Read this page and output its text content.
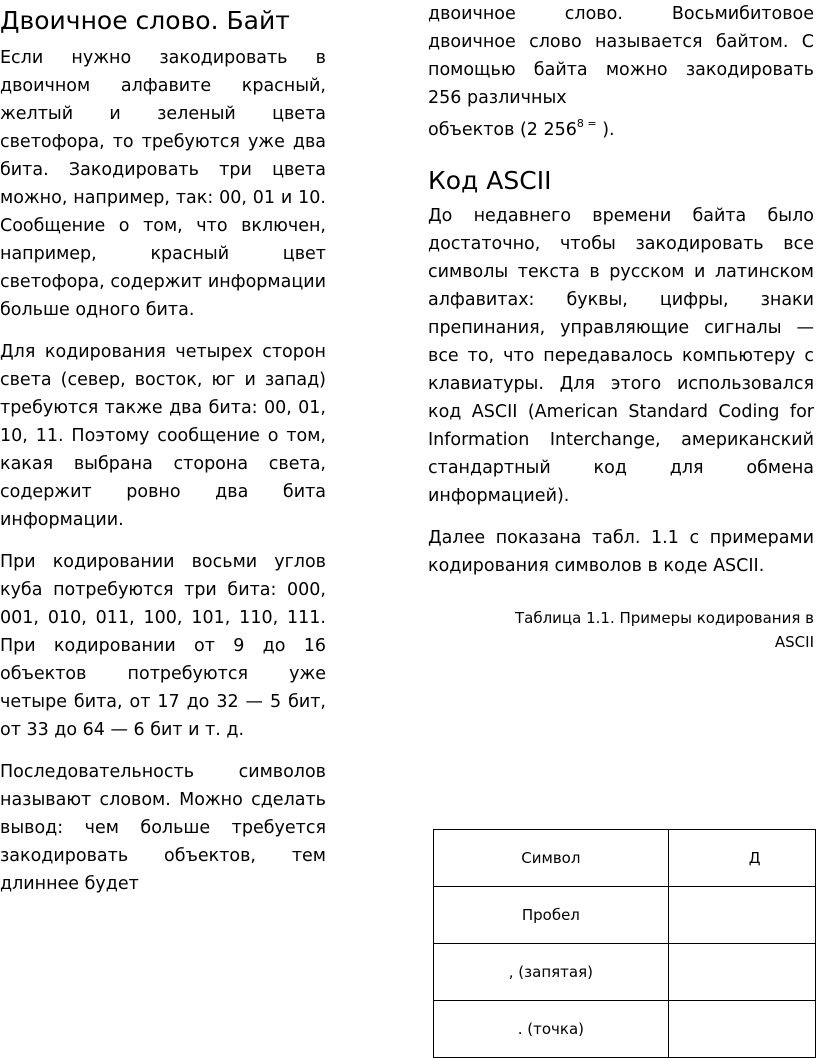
Двоичное слово. Байт

Если нужно закодировать в двоичном алфавите красный, желтый и зеленый цвета светофора, то требуются уже два бита. Закодировать три цвета можно, например, так: 00, 01 и 10. Сообщение о том, что включен, например, красный цвет светофора, содержит информации больше одного бита.

Для кодирования четырех сторон света (север, восток, юг и запад) требуются также два бита: 00, 01, 10, 11. Поэтому сообщение о том, какая выбрана сторона света, содержит ровно два бита информации.

При кодировании восьми углов куба потребуются три бита: 000, 001, 010, 011, 100, 101, 110, 111. При кодировании от 9 до 16 объектов потребуются уже четыре бита, от 17 до 32 — 5 бит, от 33 до 64 — 6 бит и т. д.

Последовательность символов называют словом. Можно сделать вывод: чем больше требуется закодировать объектов, тем длиннее будет

двоичное слово. Восьмибитовое двоичное слово называется байтом. С помощью байта можно закодировать 256 различных

объектов (2 $256^{8 =}$ ).

Код ASCII

До недавнего времени байта было достаточно, чтобы закодировать все символы текста в русском и латинском алфавитах: буквы, цифры, знаки препинания, управляющие сигналы — все то, что передавалось компьютеру с клавиатуры. Для этого использовался код ASCII (American Standard Coding for Information Interchange, американский стандартный код для обмена информацией).

Далее показана табл. 1.1 с примерами кодирования символов в коде ASCII.

Таблица 1.1. Примеры кодирования в
ASCII
Символ	Д
Пробел	
, (запятая)	
. (точка)	
